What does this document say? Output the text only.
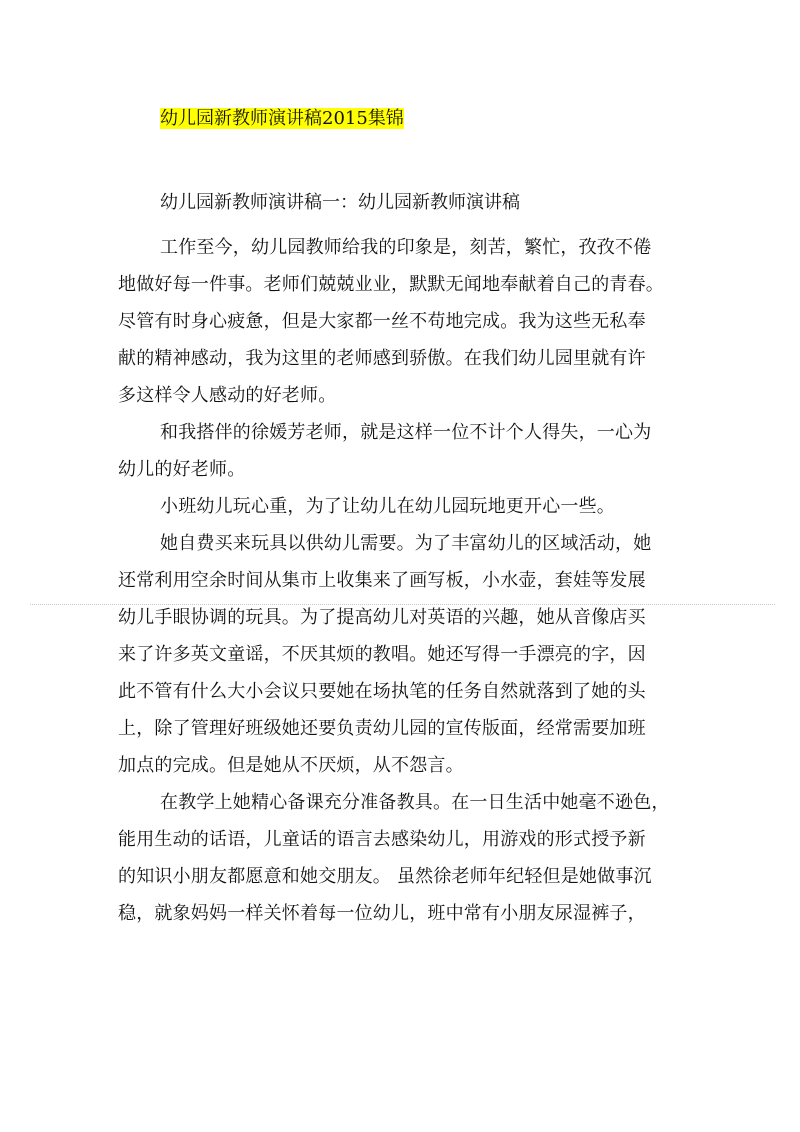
幼儿园新教师演讲稿2015集锦
幼儿园新教师演讲稿一：幼儿园新教师演讲稿
工作至今，幼儿园教师给我的印象是，刻苦，繁忙，孜孜不倦
地做好每一件事。老师们兢兢业业，默默无闻地奉献着自己的青春。
尽管有时身心疲惫，但是大家都一丝不苟地完成。我为这些无私奉
献的精神感动，我为这里的老师感到骄傲。在我们幼儿园里就有许
多这样令人感动的好老师。
和我搭伴的徐媛芳老师，就是这样一位不计个人得失，一心为
幼儿的好老师。
小班幼儿玩心重，为了让幼儿在幼儿园玩地更开心一些。
她自费买来玩具以供幼儿需要。为了丰富幼儿的区域活动，她
还常利用空余时间从集市上收集来了画写板，小水壶，套娃等发展
幼儿手眼协调的玩具。为了提高幼儿对英语的兴趣，她从音像店买
来了许多英文童谣，不厌其烦的教唱。她还写得一手漂亮的字，因
此不管有什么大小会议只要她在场执笔的任务自然就落到了她的头
上，除了管理好班级她还要负责幼儿园的宣传版面，经常需要加班
加点的完成。但是她从不厌烦，从不怨言。
在教学上她精心备课充分准备教具。在一日生活中她毫不逊色，
能用生动的话语，儿童话的语言去感染幼儿，用游戏的形式授予新
的知识小朋友都愿意和她交朋友。 虽然徐老师年纪轻但是她做事沉
稳，就象妈妈一样关怀着每一位幼儿，班中常有小朋友尿湿裤子，
